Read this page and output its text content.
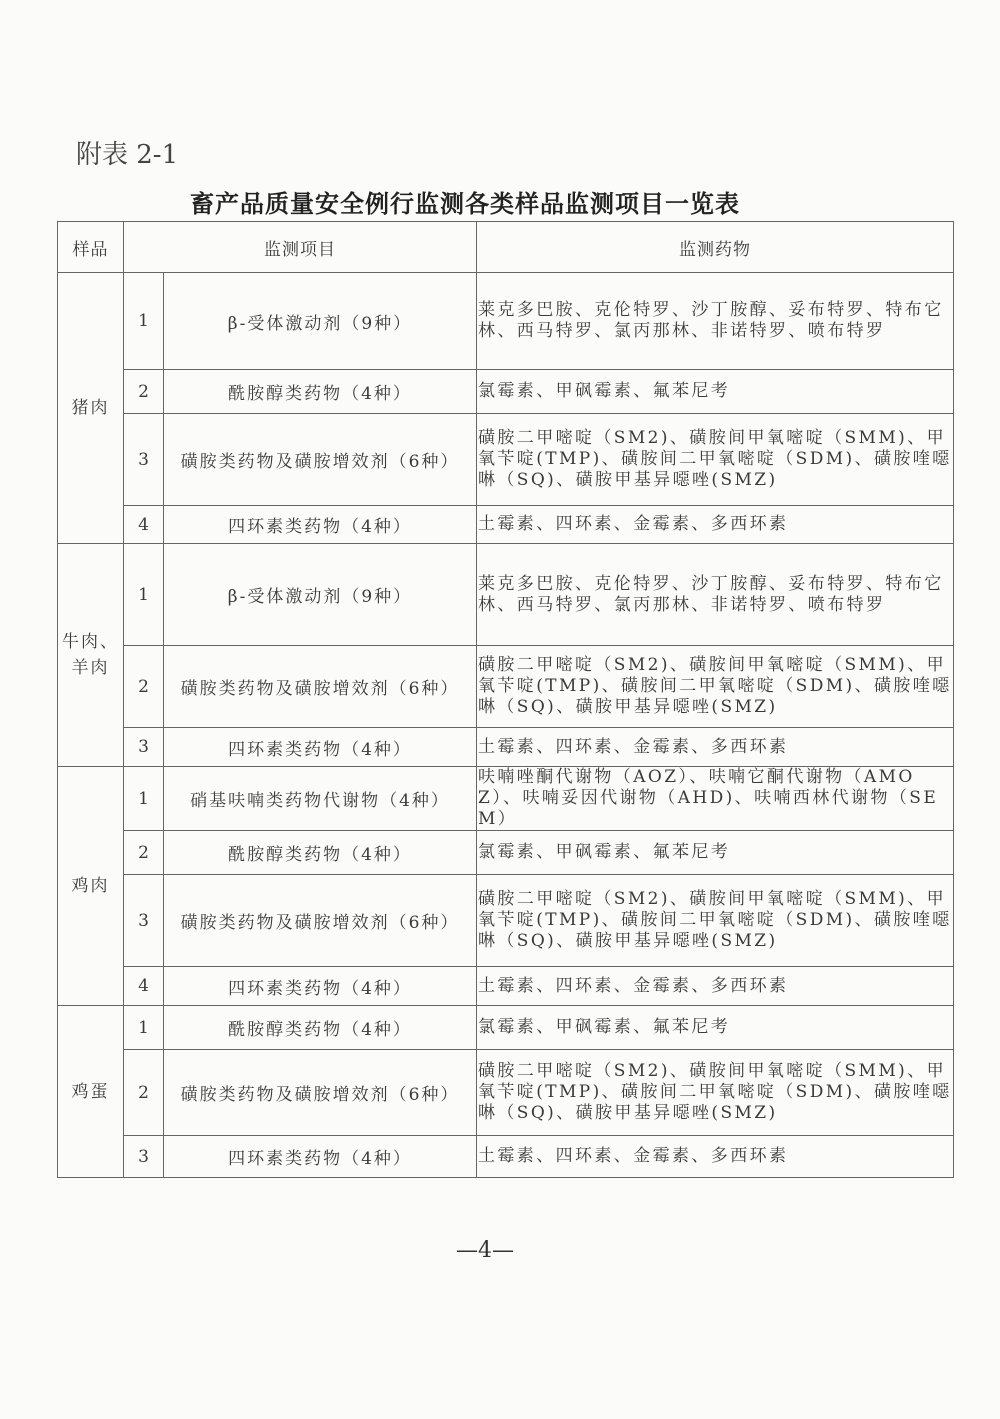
附表 2-1
畜产品质量安全例行监测各类样品监测项目一览表
样品	监测项目		监测药物
猪肉	1	β-受体激动剂（9种）	莱克多巴胺、克伦特罗、沙丁胺醇、妥布特罗、特布它林、西马特罗、氯丙那林、非诺特罗、喷布特罗
	2	酰胺醇类药物（4种）	氯霉素、甲砜霉素、氟苯尼考
	3	磺胺类药物及磺胺增效剂（6种）	磺胺二甲嘧啶（SM2)、磺胺间甲氧嘧啶（SMM)、甲氧苄啶(TMP)、磺胺间二甲氧嘧啶（SDM)、磺胺喹噁啉（SQ)、磺胺甲基异噁唑(SMZ)
	4	四环素类药物（4种）	土霉素、四环素、金霉素、多西环素
牛肉、羊肉	1	β-受体激动剂（9种）	莱克多巴胺、克伦特罗、沙丁胺醇、妥布特罗、特布它林、西马特罗、氯丙那林、非诺特罗、喷布特罗
	2	磺胺类药物及磺胺增效剂（6种）	磺胺二甲嘧啶（SM2)、磺胺间甲氧嘧啶（SMM)、甲氧苄啶(TMP)、磺胺间二甲氧嘧啶（SDM)、磺胺喹噁啉（SQ)、磺胺甲基异噁唑(SMZ)
	3	四环素类药物（4种）	土霉素、四环素、金霉素、多西环素
鸡肉	1	硝基呋喃类药物代谢物（4种）	呋喃唑酮代谢物（AOZ）、呋喃它酮代谢物（AMOZ）、呋喃妥因代谢物（AHD)、呋喃西林代谢物（SEM）
	2	酰胺醇类药物（4种）	氯霉素、甲砜霉素、氟苯尼考
	3	磺胺类药物及磺胺增效剂（6种）	磺胺二甲嘧啶（SM2)、磺胺间甲氧嘧啶（SMM)、甲氧苄啶(TMP)、磺胺间二甲氧嘧啶（SDM)、磺胺喹噁啉（SQ)、磺胺甲基异噁唑(SMZ)
	4	四环素类药物（4种）	土霉素、四环素、金霉素、多西环素
鸡蛋	1	酰胺醇类药物（4种）	氯霉素、甲砜霉素、氟苯尼考
	2	磺胺类药物及磺胺增效剂（6种）	磺胺二甲嘧啶（SM2)、磺胺间甲氧嘧啶（SMM)、甲氧苄啶(TMP)、磺胺间二甲氧嘧啶（SDM)、磺胺喹噁啉（SQ)、磺胺甲基异噁唑(SMZ)
	3	四环素类药物（4种）	土霉素、四环素、金霉素、多西环素
—4—
